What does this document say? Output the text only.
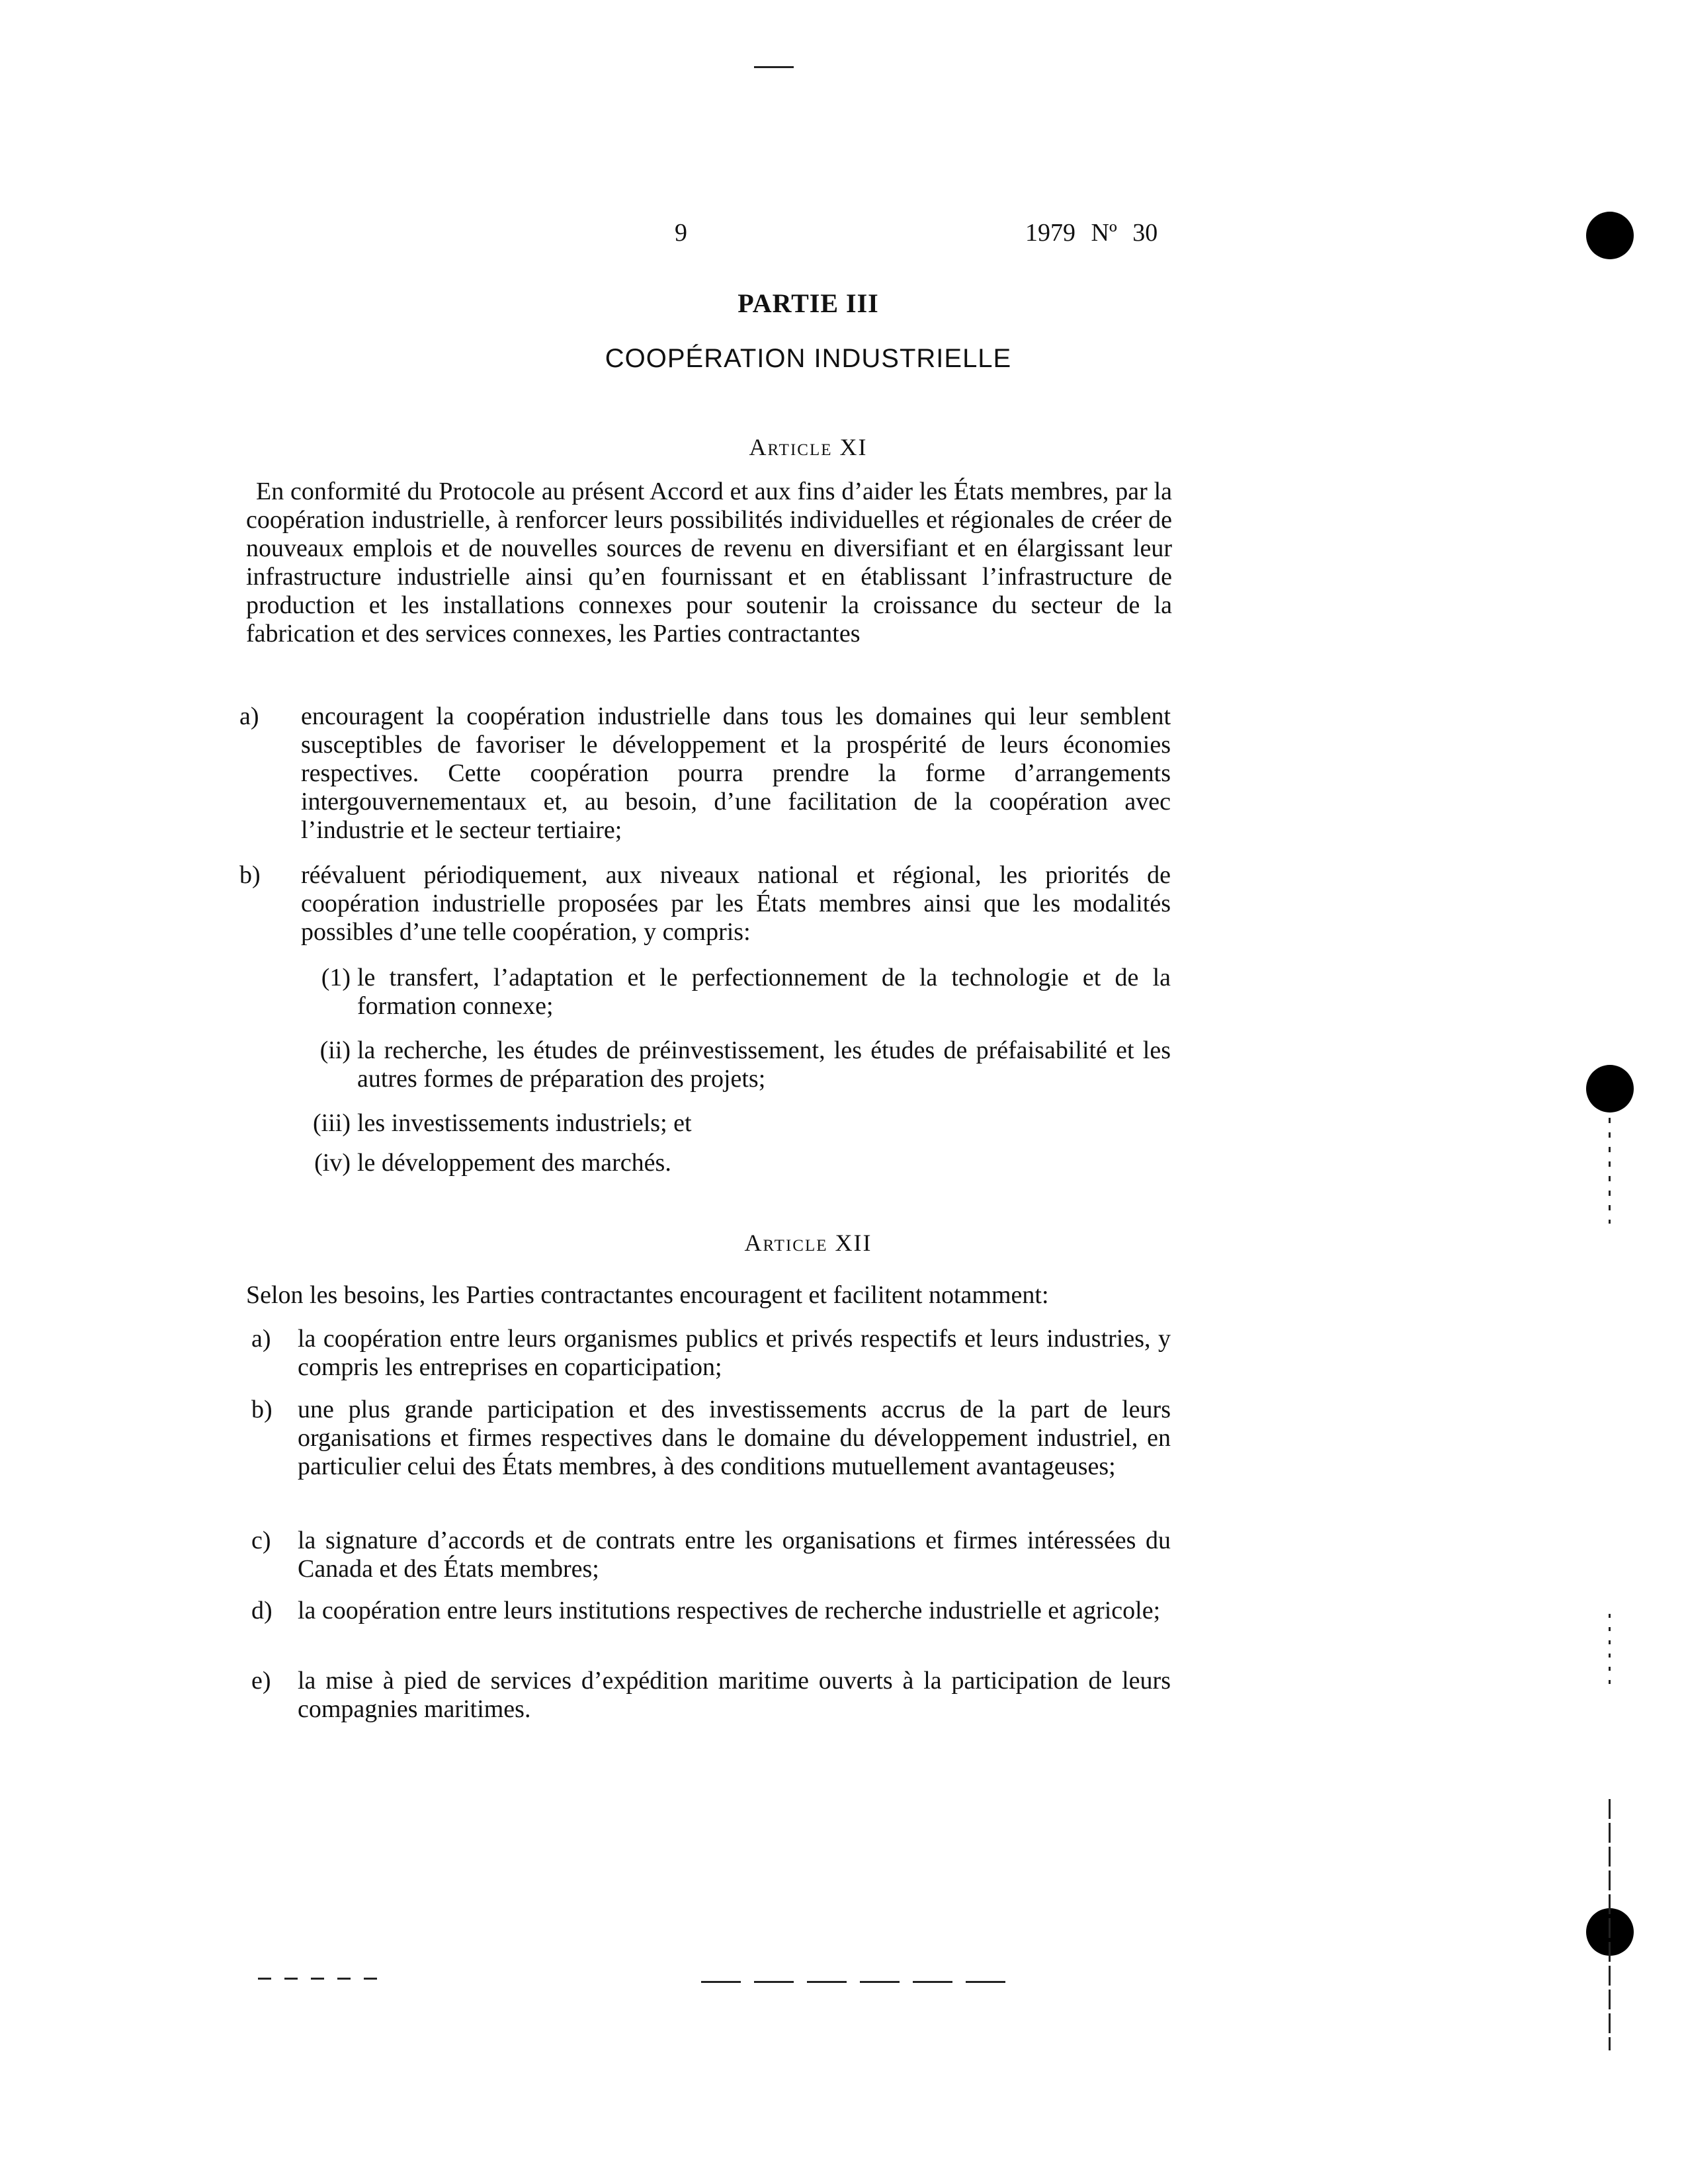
9	1979 Nº 30
PARTIE III
COOPÉRATION INDUSTRIELLE
Article XI
En conformité du Protocole au présent Accord et aux fins d’aider les États membres, par la coopération industrielle, à renforcer leurs possibilités individuelles et régionales de créer de nouveaux emplois et de nouvelles sources de revenu en diversifiant et en élargissant leur infrastructure industrielle ainsi qu’en fournissant et en établissant l’infrastructure de production et les installations connexes pour soutenir la croissance du secteur de la fabrication et des services connexes, les Parties contractantes
a) encouragent la coopération industrielle dans tous les domaines qui leur semblent susceptibles de favoriser le développement et la prospérité de leurs économies respectives. Cette coopération pourra prendre la forme d’arrangements intergouvernementaux et, au besoin, d’une facilitation de la coopération avec l’industrie et le secteur tertiaire;
b) réévaluent périodiquement, aux niveaux national et régional, les priorités de coopération industrielle proposées par les États membres ainsi que les modalités possibles d’une telle coopération, y compris:
(1) le transfert, l’adaptation et le perfectionnement de la technologie et de la formation connexe;
(ii) la recherche, les études de préinvestissement, les études de préfaisabilité et les autres formes de préparation des projets;
(iii) les investissements industriels; et
(iv) le développement des marchés.
Article XII
Selon les besoins, les Parties contractantes encouragent et facilitent notamment:
a) la coopération entre leurs organismes publics et privés respectifs et leurs industries, y compris les entreprises en coparticipation;
b) une plus grande participation et des investissements accrus de la part de leurs organisations et firmes respectives dans le domaine du développement industriel, en particulier celui des États membres, à des conditions mutuellement avantageuses;
c) la signature d’accords et de contrats entre les organisations et firmes intéressées du Canada et des États membres;
d) la coopération entre leurs institutions respectives de recherche industrielle et agricole;
e) la mise à pied de services d’expédition maritime ouverts à la participation de leurs compagnies maritimes.
